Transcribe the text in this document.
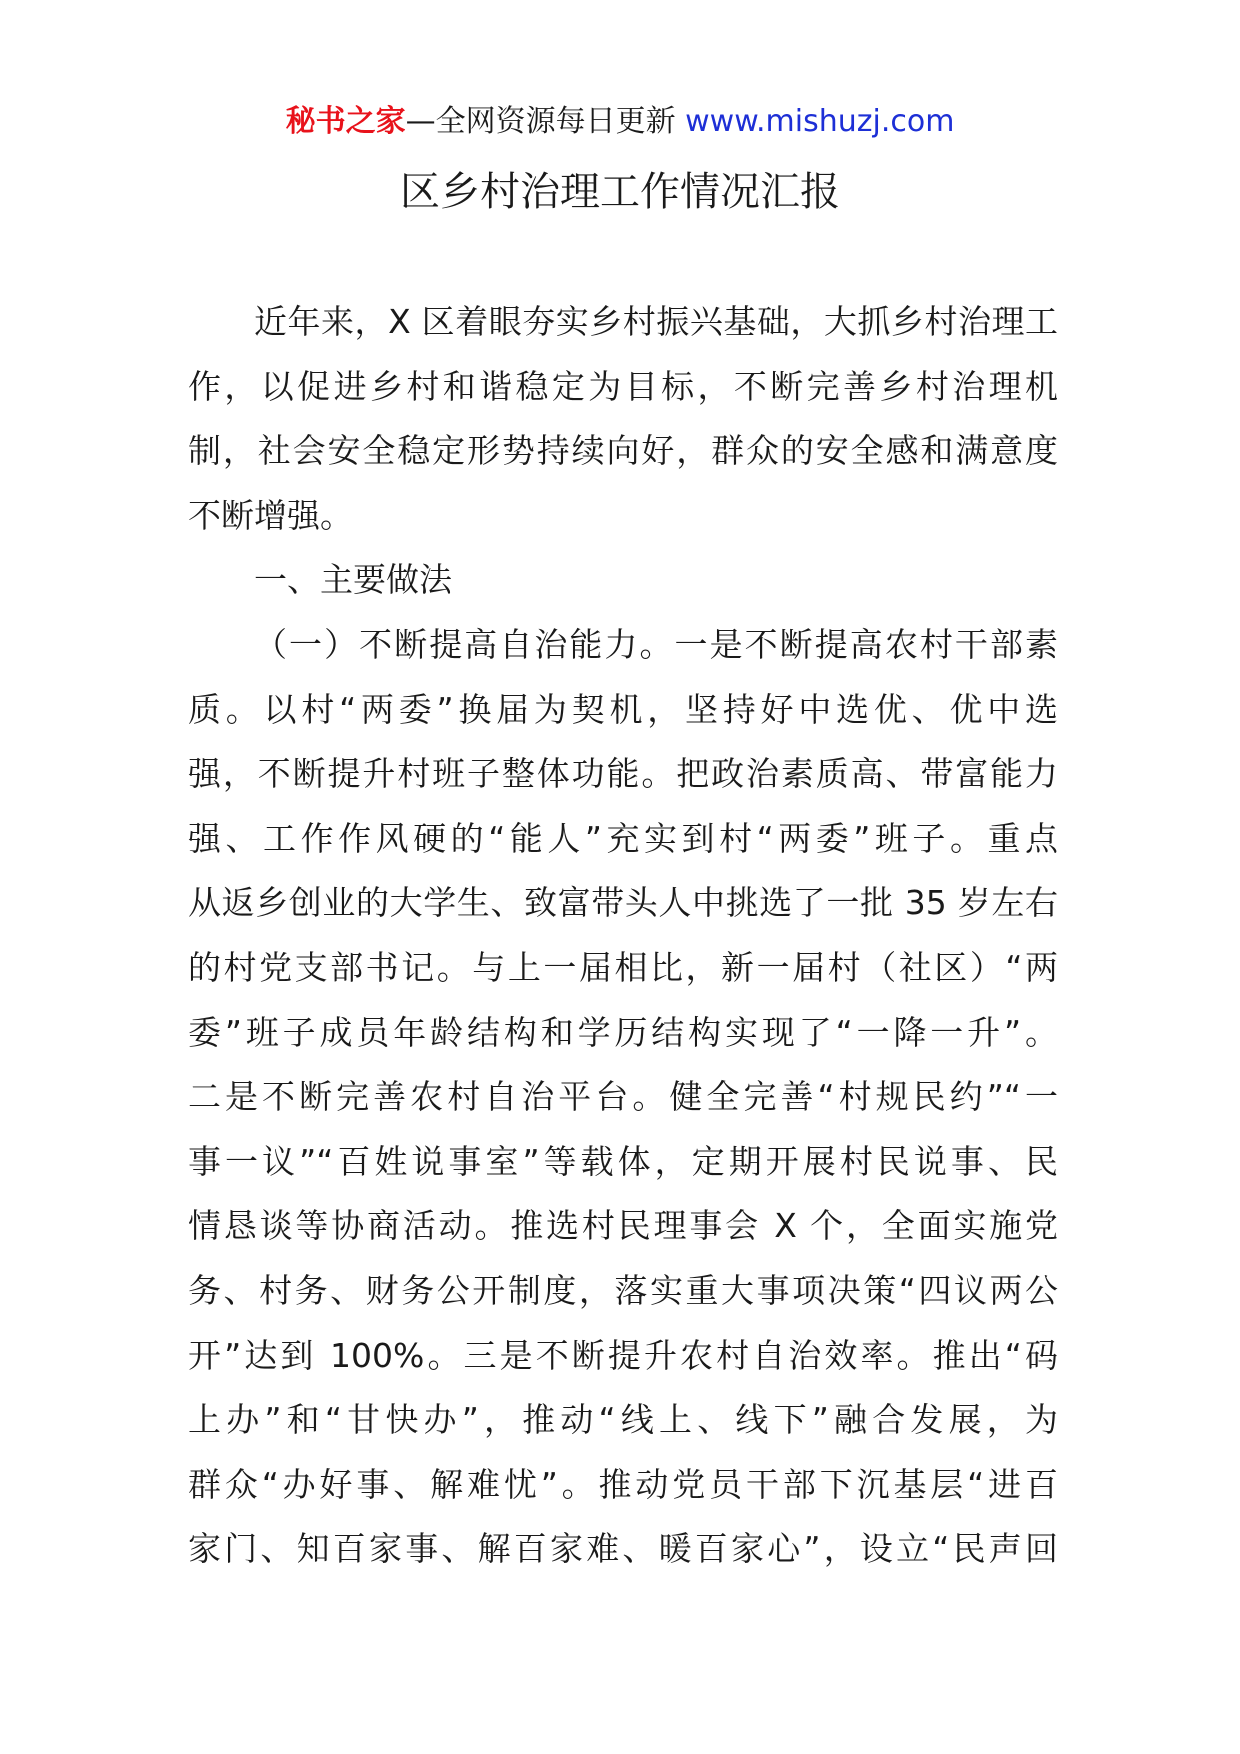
秘书之家—全网资源每日更新 www.mishuzj.com
区乡村治理工作情况汇报
近年来，X 区着眼夯实乡村振兴基础，大抓乡村治理工
作，以促进乡村和谐稳定为目标，不断完善乡村治理机
制，社会安全稳定形势持续向好，群众的安全感和满意度
不断增强。
一、主要做法
（一）不断提高自治能力。一是不断提高农村干部素
质。以村“两委”换届为契机，坚持好中选优、优中选
强，不断提升村班子整体功能。把政治素质高、带富能力
强、工作作风硬的“能人”充实到村“两委”班子。重点
从返乡创业的大学生、致富带头人中挑选了一批 35 岁左右
的村党支部书记。与上一届相比，新一届村（社区）“两
委”班子成员年龄结构和学历结构实现了“一降一升”。
二是不断完善农村自治平台。健全完善“村规民约”“一
事一议”“百姓说事室”等载体，定期开展村民说事、民
情恳谈等协商活动。推选村民理事会 X 个，全面实施党
务、村务、财务公开制度，落实重大事项决策“四议两公
开”达到 100%。三是不断提升农村自治效率。推出“码
上办”和“甘快办”，推动“线上、线下”融合发展，为
群众“办好事、解难忧”。推动党员干部下沉基层“进百
家门、知百家事、解百家难、暖百家心”，设立“民声回
